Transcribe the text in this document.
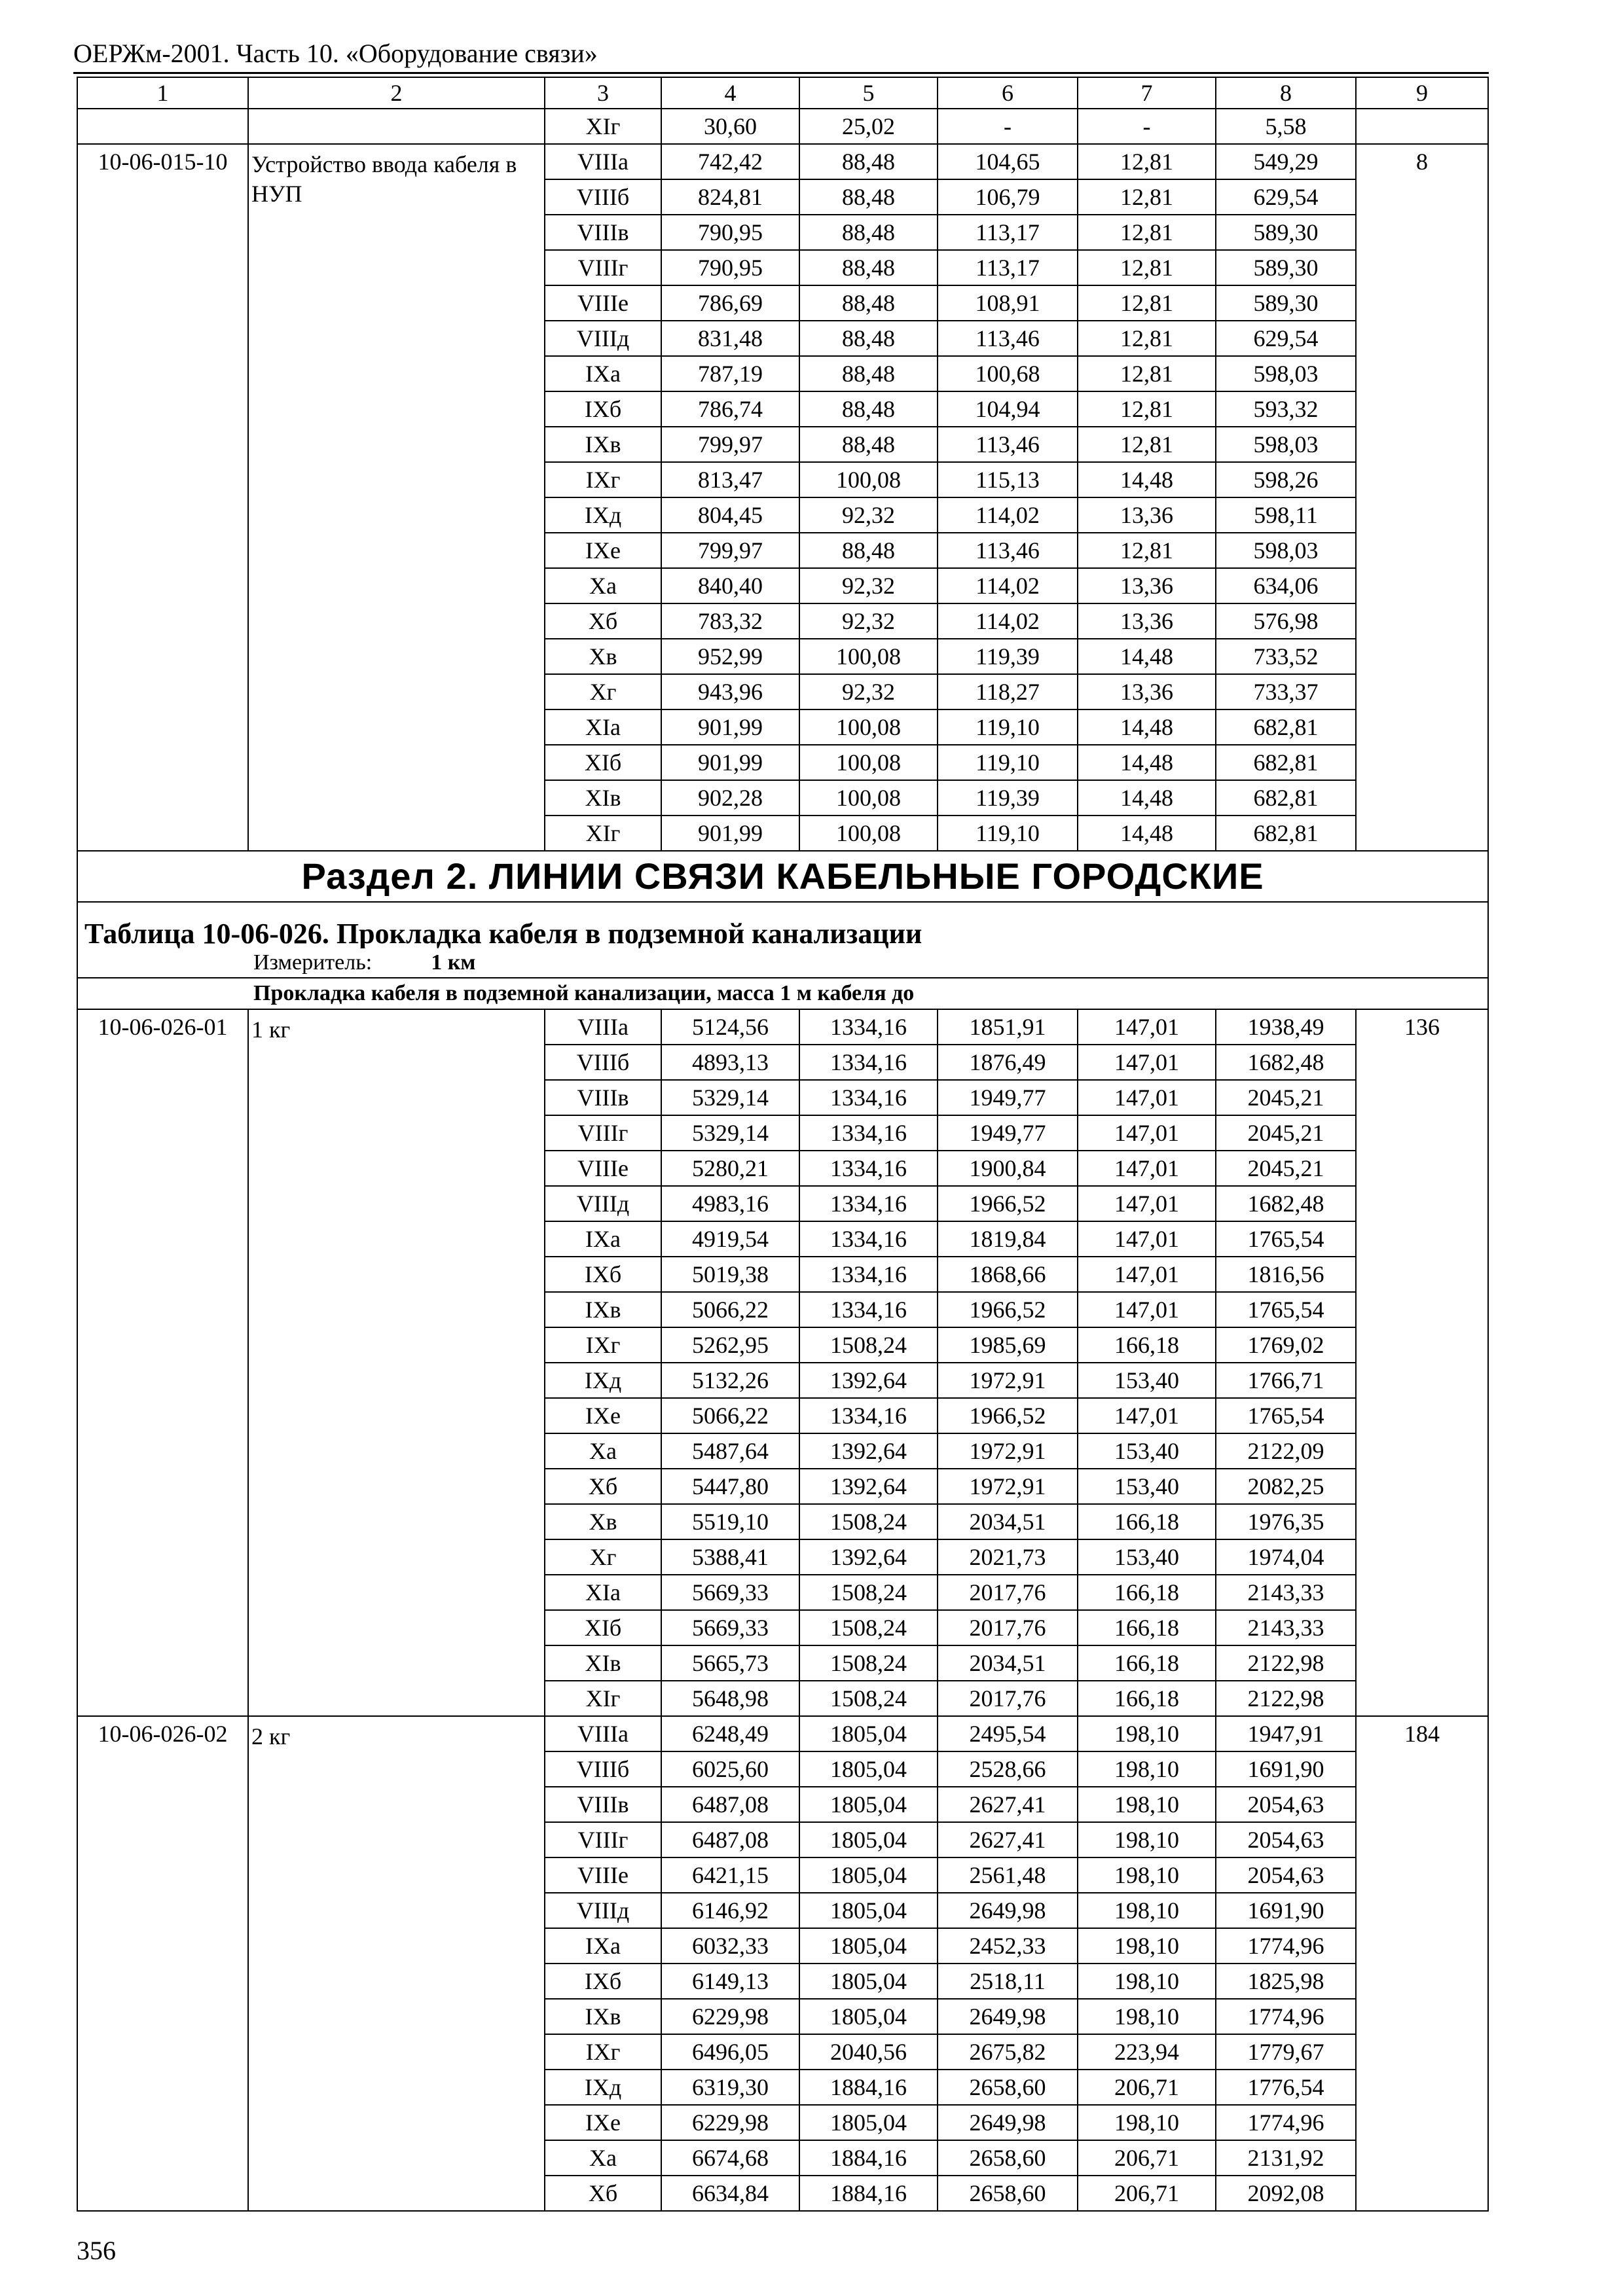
ОЕРЖм-2001. Часть 10. «Оборудование связи»
1	2	3	4	5	6	7	8	9
		XIг	30,60	25,02	-	-	5,58	
10-06-015-10	Устройство ввода кабеля в НУП	VIIIа	742,42	88,48	104,65	12,81	549,29	8
		VIIIб	824,81	88,48	106,79	12,81	629,54	
		VIIIв	790,95	88,48	113,17	12,81	589,30	
		VIIIг	790,95	88,48	113,17	12,81	589,30	
		VIIIе	786,69	88,48	108,91	12,81	589,30	
		VIIIд	831,48	88,48	113,46	12,81	629,54	
		IXа	787,19	88,48	100,68	12,81	598,03	
		IXб	786,74	88,48	104,94	12,81	593,32	
		IXв	799,97	88,48	113,46	12,81	598,03	
		IXг	813,47	100,08	115,13	14,48	598,26	
		IXд	804,45	92,32	114,02	13,36	598,11	
		IXе	799,97	88,48	113,46	12,81	598,03	
		Xа	840,40	92,32	114,02	13,36	634,06	
		Xб	783,32	92,32	114,02	13,36	576,98	
		Xв	952,99	100,08	119,39	14,48	733,52	
		Xг	943,96	92,32	118,27	13,36	733,37	
		XIа	901,99	100,08	119,10	14,48	682,81	
		XIб	901,99	100,08	119,10	14,48	682,81	
		XIв	902,28	100,08	119,39	14,48	682,81	
		XIг	901,99	100,08	119,10	14,48	682,81	
Раздел 2. ЛИНИИ СВЯЗИ КАБЕЛЬНЫЕ ГОРОДСКИЕ								
Таблица 10-06-026. Прокладка кабеля в подземной канализации								
Измеритель: 1 км								
Прокладка кабеля в подземной канализации, масса 1 м кабеля до								
10-06-026-01	1 кг	VIIIа	5124,56	1334,16	1851,91	147,01	1938,49	136
		VIIIб	4893,13	1334,16	1876,49	147,01	1682,48	
		VIIIв	5329,14	1334,16	1949,77	147,01	2045,21	
		VIIIг	5329,14	1334,16	1949,77	147,01	2045,21	
		VIIIе	5280,21	1334,16	1900,84	147,01	2045,21	
		VIIIд	4983,16	1334,16	1966,52	147,01	1682,48	
		IXа	4919,54	1334,16	1819,84	147,01	1765,54	
		IXб	5019,38	1334,16	1868,66	147,01	1816,56	
		IXв	5066,22	1334,16	1966,52	147,01	1765,54	
		IXг	5262,95	1508,24	1985,69	166,18	1769,02	
		IXд	5132,26	1392,64	1972,91	153,40	1766,71	
		IXе	5066,22	1334,16	1966,52	147,01	1765,54	
		Xа	5487,64	1392,64	1972,91	153,40	2122,09	
		Xб	5447,80	1392,64	1972,91	153,40	2082,25	
		Xв	5519,10	1508,24	2034,51	166,18	1976,35	
		Xг	5388,41	1392,64	2021,73	153,40	1974,04	
		XIа	5669,33	1508,24	2017,76	166,18	2143,33	
		XIб	5669,33	1508,24	2017,76	166,18	2143,33	
		XIв	5665,73	1508,24	2034,51	166,18	2122,98	
		XIг	5648,98	1508,24	2017,76	166,18	2122,98	
10-06-026-02	2 кг	VIIIа	6248,49	1805,04	2495,54	198,10	1947,91	184
		VIIIб	6025,60	1805,04	2528,66	198,10	1691,90	
		VIIIв	6487,08	1805,04	2627,41	198,10	2054,63	
		VIIIг	6487,08	1805,04	2627,41	198,10	2054,63	
		VIIIе	6421,15	1805,04	2561,48	198,10	2054,63	
		VIIIд	6146,92	1805,04	2649,98	198,10	1691,90	
		IXа	6032,33	1805,04	2452,33	198,10	1774,96	
		IXб	6149,13	1805,04	2518,11	198,10	1825,98	
		IXв	6229,98	1805,04	2649,98	198,10	1774,96	
		IXг	6496,05	2040,56	2675,82	223,94	1779,67	
		IXд	6319,30	1884,16	2658,60	206,71	1776,54	
		IXе	6229,98	1805,04	2649,98	198,10	1774,96	
		Xа	6674,68	1884,16	2658,60	206,71	2131,92	
		Xб	6634,84	1884,16	2658,60	206,71	2092,08	
356
